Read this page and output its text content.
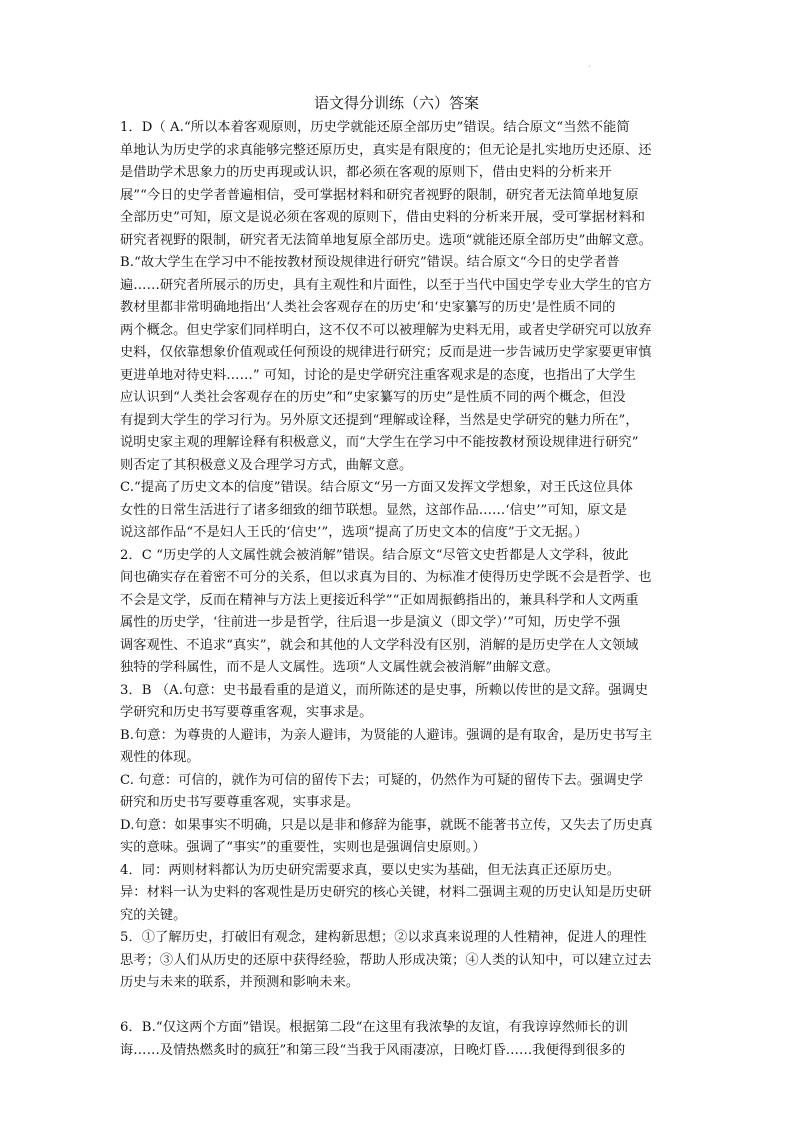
·
语文得分训练（六）答案
1．D（ A.“所以本着客观原则，历史学就能还原全部历史”错误。结合原文“当然不能简
单地认为历史学的求真能够完整还原历史，真实是有限度的；但无论是扎实地历史还原、还
是借助学术思象力的历史再现或认识，都必须在客观的原则下，借由史料的分析来开
展”“今日的史学者普遍相信，受可掌据材料和研究者视野的限制，研究者无法简单地复原
全部历史”可知，原文是说必须在客观的原则下，借由史料的分析来开展，受可掌据材料和
研究者视野的限制，研究者无法简单地复原全部历史。选项“就能还原全部历史”曲解文意。
B.“故大学生在学习中不能按教材预设规律进行研究”错误。结合原文“今日的史学者普
遍……研究者所展示的历史，具有主观性和片面性，以至于当代中国史学专业大学生的官方
教材里都非常明确地指出‘人类社会客观存在的历史’和‘史家纂写的历史’是性质不同的
两个概念。但史学家们同样明白，这不仅不可以被理解为史料无用，或者史学研究可以放弃
史料，仅依靠想象价值观或任何预设的规律进行研究；反而是进一步告诫历史学家要更审慎
更进单地对待史料……” 可知，讨论的是史学研究注重客观求是的态度，也指出了大学生
应认识到“人类社会客观存在的历史”和“史家纂写的历史”是性质不同的两个概念，但没
有提到大学生的学习行为。另外原文还提到“理解或诠释，当然是史学研究的魅力所在”，
说明史家主观的理解诠释有积极意义，而“大学生在学习中不能按教材预设规律进行研究”
则否定了其积极意义及合理学习方式，曲解文意。
C.“提高了历史文本的信度”错误。结合原文“另一方面又发挥文学想象，对王氏这位具体
女性的日常生活进行了诸多细致的细节联想。显然，这部作品……‘信史’”可知，原文是
说这部作品“不是妇人王氏的‘信史’”，选项“提高了历史文本的信度”于文无据。）
2．C “历史学的人文属性就会被消解”错误。结合原文“尽管文史哲都是人文学科，彼此
间也确实存在着密不可分的关系，但以求真为目的、为标准才使得历史学既不会是哲学、也
不会是文学，反而在精神与方法上更接近科学”“正如周振鹤指出的，兼具科学和人文两重
属性的历史学，‘往前进一步是哲学，往后退一步是演义（即文学）’”可知，历史学不强
调客观性、不追求“真实”，就会和其他的人文学科没有区别，消解的是历史学在人文领域
独特的学科属性，而不是人文属性。选项“人文属性就会被消解”曲解文意。
3．B （A.句意：史书最看重的是道义，而所陈述的是史事，所赖以传世的是文辞。强调史
学研究和历史书写要尊重客观，实事求是。
B.句意：为尊贵的人避讳，为亲人避讳，为贤能的人避讳。强调的是有取舍，是历史书写主
观性的体现。
C. 句意：可信的，就作为可信的留传下去；可疑的，仍然作为可疑的留传下去。强调史学
研究和历史书写要尊重客观，实事求是。
D.句意：如果事实不明确，只是以是非和修辞为能事，就既不能著书立传，又失去了历史真
实的意味。强调了“事实”的重要性，实则也是强调信史原则。）
4．同：两则材料都认为历史研究需要求真，要以史实为基础，但无法真正还原历史。
异：材料一认为史料的客观性是历史研究的核心关键，材料二强调主观的历史认知是历史研
究的关键。
5．①了解历史，打破旧有观念，建构新思想；②以求真来说理的人性精神，促进人的理性
思考；③人们从历史的还原中获得经验，帮助人形成决策；④人类的认知中，可以建立过去
历史与未来的联系，并预测和影响未来。
6．B.“仅这两个方面”错误。根据第二段“在这里有我浓挚的友谊，有我谆谆然师长的训
诲……及情热燃炙时的疯狂”和第三段“当我于风雨凄凉，日晚灯昏……我便得到很多的
